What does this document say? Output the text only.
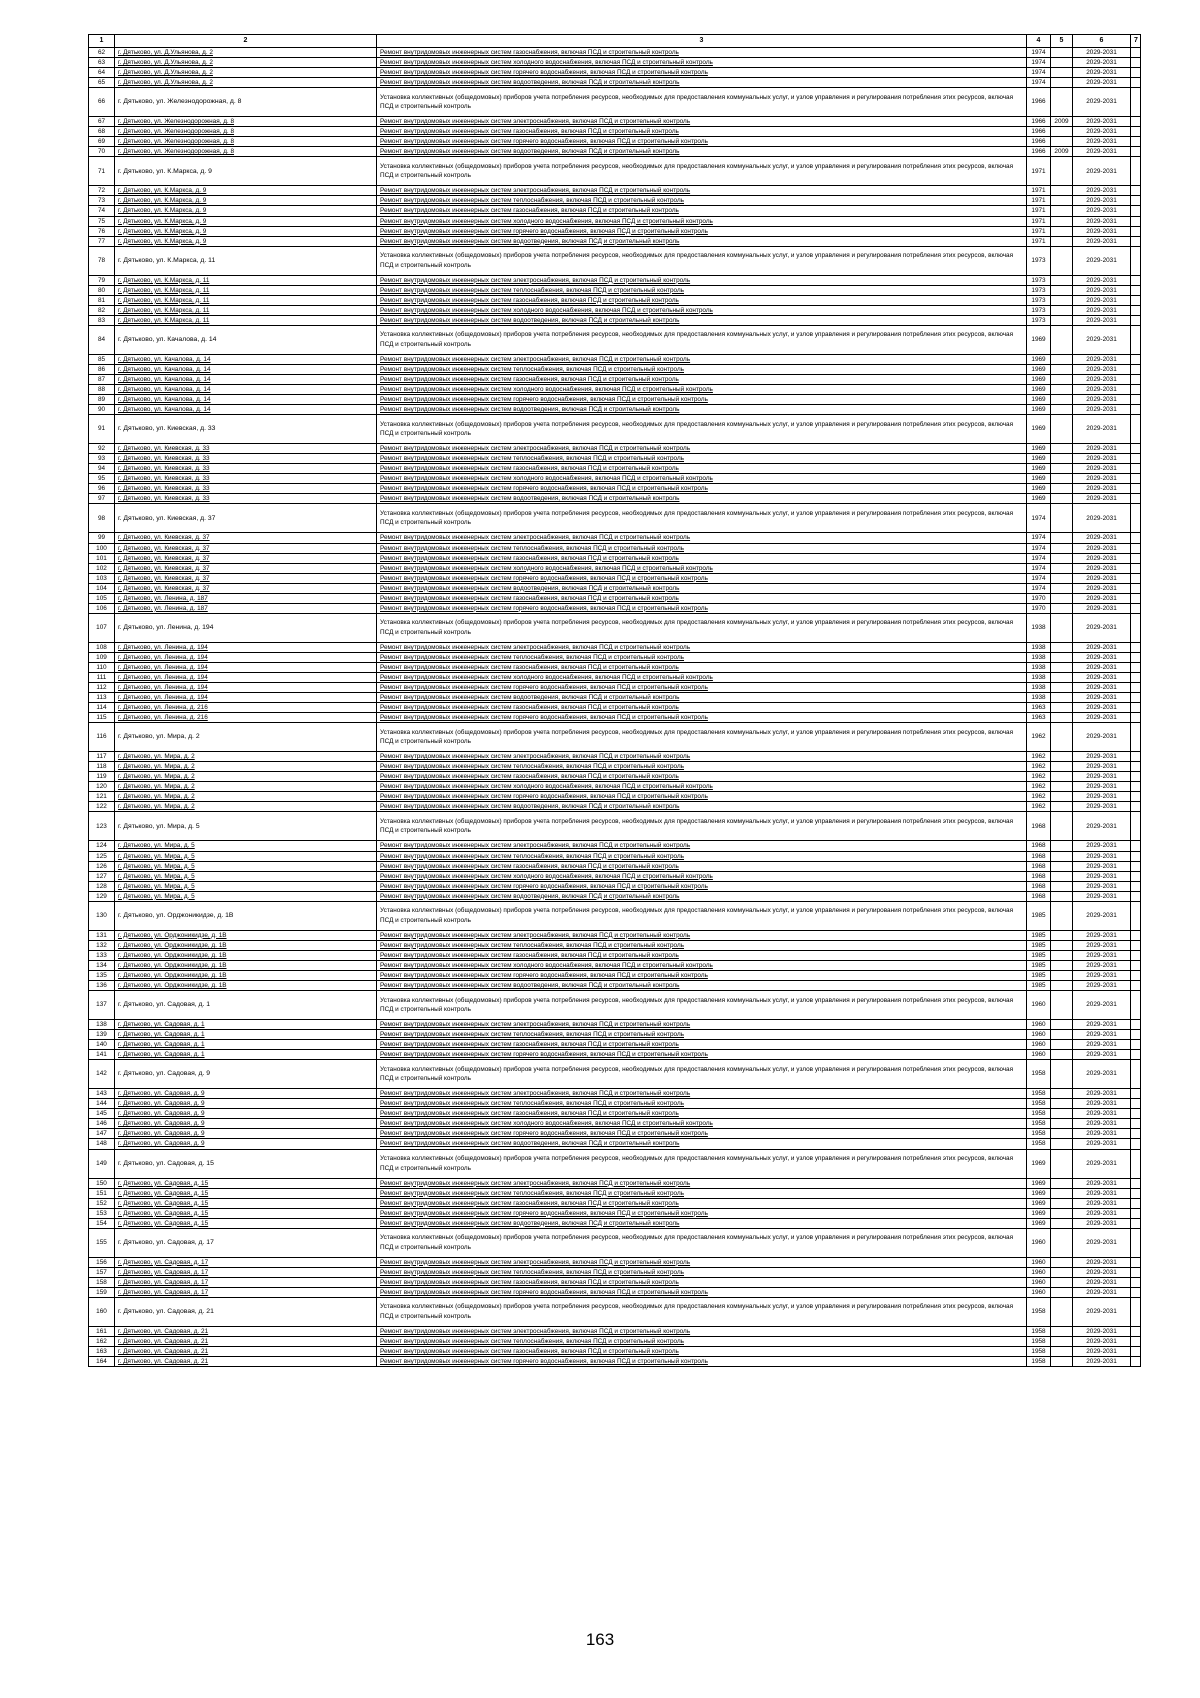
1	2	3	4	5	6	7
62	г. Дятьково, ул. Д.Ульянова, д. 2	Ремонт внутридомовых инженерных систем газоснабжения, включая ПСД и строительный контроль	1974		2029-2031	
63	г. Дятьково, ул. Д.Ульянова, д. 2	Ремонт внутридомовых инженерных систем холодного водоснабжения, включая ПСД и строительный контроль	1974		2029-2031	
64	г. Дятьково, ул. Д.Ульянова, д. 2	Ремонт внутридомовых инженерных систем горячего водоснабжения, включая ПСД и строительный контроль	1974		2029-2031	
65	г. Дятьково, ул. Д.Ульянова, д. 2	Ремонт внутридомовых инженерных систем водоотведения, включая ПСД и строительный контроль	1974		2029-2031	
66	г. Дятьково, ул. Железнодорожная, д. 8	Установка коллективных (общедомовых) приборов учета потребления ресурсов, необходимых для предоставления коммунальных услуг, и узлов управления и регулирования потребления этих ресурсов, включая ПСД и строительный контроль	1966		2029-2031	
67	г. Дятьково, ул. Железнодорожная, д. 8	Ремонт внутридомовых инженерных систем электроснабжения, включая ПСД и строительный контроль	1966	2009	2029-2031	
68	г. Дятьково, ул. Железнодорожная, д. 8	Ремонт внутридомовых инженерных систем газоснабжения, включая ПСД и строительный контроль	1966		2029-2031	
69	г. Дятьково, ул. Железнодорожная, д. 8	Ремонт внутридомовых инженерных систем горячего водоснабжения, включая ПСД и строительный контроль	1966		2029-2031	
70	г. Дятьково, ул. Железнодорожная, д. 8	Ремонт внутридомовых инженерных систем водоотведения, включая ПСД и строительный контроль	1966	2009	2029-2031	
71	г. Дятьково, ул. К.Маркса, д. 9	Установка коллективных (общедомовых) приборов учета потребления ресурсов, необходимых для предоставления коммунальных услуг, и узлов управления и регулирования потребления этих ресурсов, включая ПСД и строительный контроль	1971		2029-2031	
72	г. Дятьково, ул. К.Маркса, д. 9	Ремонт внутридомовых инженерных систем электроснабжения, включая ПСД и строительный контроль	1971		2029-2031	
73	г. Дятьково, ул. К.Маркса, д. 9	Ремонт внутридомовых инженерных систем теплоснабжения, включая ПСД и строительный контроль	1971		2029-2031	
74	г. Дятьково, ул. К.Маркса, д. 9	Ремонт внутридомовых инженерных систем газоснабжения, включая ПСД и строительный контроль	1971		2029-2031	
75	г. Дятьково, ул. К.Маркса, д. 9	Ремонт внутридомовых инженерных систем холодного водоснабжения, включая ПСД и строительный контроль	1971		2029-2031	
76	г. Дятьково, ул. К.Маркса, д. 9	Ремонт внутридомовых инженерных систем горячего водоснабжения, включая ПСД и строительный контроль	1971		2029-2031	
77	г. Дятьково, ул. К.Маркса, д. 9	Ремонт внутридомовых инженерных систем водоотведения, включая ПСД и строительный контроль	1971		2029-2031	
78	г. Дятьково, ул. К.Маркса, д. 11	Установка коллективных (общедомовых) приборов учета потребления ресурсов, необходимых для предоставления коммунальных услуг, и узлов управления и регулирования потребления этих ресурсов, включая ПСД и строительный контроль	1973		2029-2031	
79	г. Дятьково, ул. К.Маркса, д. 11	Ремонт внутридомовых инженерных систем электроснабжения, включая ПСД и строительный контроль	1973		2029-2031	
80	г. Дятьково, ул. К.Маркса, д. 11	Ремонт внутридомовых инженерных систем теплоснабжения, включая ПСД и строительный контроль	1973		2029-2031	
81	г. Дятьково, ул. К.Маркса, д. 11	Ремонт внутридомовых инженерных систем газоснабжения, включая ПСД и строительный контроль	1973		2029-2031	
82	г. Дятьково, ул. К.Маркса, д. 11	Ремонт внутридомовых инженерных систем холодного водоснабжения, включая ПСД и строительный контроль	1973		2029-2031	
83	г. Дятьково, ул. К.Маркса, д. 11	Ремонт внутридомовых инженерных систем водоотведения, включая ПСД и строительный контроль	1973		2029-2031	
84	г. Дятьково, ул. Качалова, д. 14	Установка коллективных (общедомовых) приборов учета потребления ресурсов, необходимых для предоставления коммунальных услуг, и узлов управления и регулирования потребления этих ресурсов, включая ПСД и строительный контроль	1969		2029-2031	
85	г. Дятьково, ул. Качалова, д. 14	Ремонт внутридомовых инженерных систем электроснабжения, включая ПСД и строительный контроль	1969		2029-2031	
86	г. Дятьково, ул. Качалова, д. 14	Ремонт внутридомовых инженерных систем теплоснабжения, включая ПСД и строительный контроль	1969		2029-2031	
87	г. Дятьково, ул. Качалова, д. 14	Ремонт внутридомовых инженерных систем газоснабжения, включая ПСД и строительный контроль	1969		2029-2031	
88	г. Дятьково, ул. Качалова, д. 14	Ремонт внутридомовых инженерных систем холодного водоснабжения, включая ПСД и строительный контроль	1969		2029-2031	
89	г. Дятьково, ул. Качалова, д. 14	Ремонт внутридомовых инженерных систем горячего водоснабжения, включая ПСД и строительный контроль	1969		2029-2031	
90	г. Дятьково, ул. Качалова, д. 14	Ремонт внутридомовых инженерных систем водоотведения, включая ПСД и строительный контроль	1969		2029-2031	
91	г. Дятьково, ул. Киевская, д. 33	Установка коллективных (общедомовых) приборов учета потребления ресурсов, необходимых для предоставления коммунальных услуг, и узлов управления и регулирования потребления этих ресурсов, включая ПСД и строительный контроль	1969		2029-2031	
92	г. Дятьково, ул. Киевская, д. 33	Ремонт внутридомовых инженерных систем электроснабжения, включая ПСД и строительный контроль	1969		2029-2031	
93	г. Дятьково, ул. Киевская, д. 33	Ремонт внутридомовых инженерных систем теплоснабжения, включая ПСД и строительный контроль	1969		2029-2031	
94	г. Дятьково, ул. Киевская, д. 33	Ремонт внутридомовых инженерных систем газоснабжения, включая ПСД и строительный контроль	1969		2029-2031	
95	г. Дятьково, ул. Киевская, д. 33	Ремонт внутридомовых инженерных систем холодного водоснабжения, включая ПСД и строительный контроль	1969		2029-2031	
96	г. Дятьково, ул. Киевская, д. 33	Ремонт внутридомовых инженерных систем горячего водоснабжения, включая ПСД и строительный контроль	1969		2029-2031	
97	г. Дятьково, ул. Киевская, д. 33	Ремонт внутридомовых инженерных систем водоотведения, включая ПСД и строительный контроль	1969		2029-2031	
98	г. Дятьково, ул. Киевская, д. 37	Установка коллективных (общедомовых) приборов учета потребления ресурсов, необходимых для предоставления коммунальных услуг, и узлов управления и регулирования потребления этих ресурсов, включая ПСД и строительный контроль	1974		2029-2031	
99	г. Дятьково, ул. Киевская, д. 37	Ремонт внутридомовых инженерных систем электроснабжения, включая ПСД и строительный контроль	1974		2029-2031	
100	г. Дятьково, ул. Киевская, д. 37	Ремонт внутридомовых инженерных систем теплоснабжения, включая ПСД и строительный контроль	1974		2029-2031	
101	г. Дятьково, ул. Киевская, д. 37	Ремонт внутридомовых инженерных систем газоснабжения, включая ПСД и строительный контроль	1974		2029-2031	
102	г. Дятьково, ул. Киевская, д. 37	Ремонт внутридомовых инженерных систем холодного водоснабжения, включая ПСД и строительный контроль	1974		2029-2031	
103	г. Дятьково, ул. Киевская, д. 37	Ремонт внутридомовых инженерных систем горячего водоснабжения, включая ПСД и строительный контроль	1974		2029-2031	
104	г. Дятьково, ул. Киевская, д. 37	Ремонт внутридомовых инженерных систем водоотведения, включая ПСД и строительный контроль	1974		2029-2031	
105	г. Дятьково, ул. Ленина, д. 187	Ремонт внутридомовых инженерных систем газоснабжения, включая ПСД и строительный контроль	1970		2029-2031	
106	г. Дятьково, ул. Ленина, д. 187	Ремонт внутридомовых инженерных систем горячего водоснабжения, включая ПСД и строительный контроль	1970		2029-2031	
107	г. Дятьково, ул. Ленина, д. 194	Установка коллективных (общедомовых) приборов учета потребления ресурсов, необходимых для предоставления коммунальных услуг, и узлов управления и регулирования потребления этих ресурсов, включая ПСД и строительный контроль	1938		2029-2031	
108	г. Дятьково, ул. Ленина, д. 194	Ремонт внутридомовых инженерных систем электроснабжения, включая ПСД и строительный контроль	1938		2029-2031	
109	г. Дятьково, ул. Ленина, д. 194	Ремонт внутридомовых инженерных систем теплоснабжения, включая ПСД и строительный контроль	1938		2029-2031	
110	г. Дятьково, ул. Ленина, д. 194	Ремонт внутридомовых инженерных систем газоснабжения, включая ПСД и строительный контроль	1938		2029-2031	
111	г. Дятьково, ул. Ленина, д. 194	Ремонт внутридомовых инженерных систем холодного водоснабжения, включая ПСД и строительный контроль	1938		2029-2031	
112	г. Дятьково, ул. Ленина, д. 194	Ремонт внутридомовых инженерных систем горячего водоснабжения, включая ПСД и строительный контроль	1938		2029-2031	
113	г. Дятьково, ул. Ленина, д. 194	Ремонт внутридомовых инженерных систем водоотведения, включая ПСД и строительный контроль	1938		2029-2031	
114	г. Дятьково, ул. Ленина, д. 216	Ремонт внутридомовых инженерных систем газоснабжения, включая ПСД и строительный контроль	1963		2029-2031	
115	г. Дятьково, ул. Ленина, д. 216	Ремонт внутридомовых инженерных систем горячего водоснабжения, включая ПСД и строительный контроль	1963		2029-2031	
116	г. Дятьково, ул. Мира, д. 2	Установка коллективных (общедомовых) приборов учета потребления ресурсов, необходимых для предоставления коммунальных услуг, и узлов управления и регулирования потребления этих ресурсов, включая ПСД и строительный контроль	1962		2029-2031	
117	г. Дятьково, ул. Мира, д. 2	Ремонт внутридомовых инженерных систем электроснабжения, включая ПСД и строительный контроль	1962		2029-2031	
118	г. Дятьково, ул. Мира, д. 2	Ремонт внутридомовых инженерных систем теплоснабжения, включая ПСД и строительный контроль	1962		2029-2031	
119	г. Дятьково, ул. Мира, д. 2	Ремонт внутридомовых инженерных систем газоснабжения, включая ПСД и строительный контроль	1962		2029-2031	
120	г. Дятьково, ул. Мира, д. 2	Ремонт внутридомовых инженерных систем холодного водоснабжения, включая ПСД и строительный контроль	1962		2029-2031	
121	г. Дятьково, ул. Мира, д. 2	Ремонт внутридомовых инженерных систем горячего водоснабжения, включая ПСД и строительный контроль	1962		2029-2031	
122	г. Дятьково, ул. Мира, д. 2	Ремонт внутридомовых инженерных систем водоотведения, включая ПСД и строительный контроль	1962		2029-2031	
123	г. Дятьково, ул. Мира, д. 5	Установка коллективных (общедомовых) приборов учета потребления ресурсов, необходимых для предоставления коммунальных услуг, и узлов управления и регулирования потребления этих ресурсов, включая ПСД и строительный контроль	1968		2029-2031	
124	г. Дятьково, ул. Мира, д. 5	Ремонт внутридомовых инженерных систем электроснабжения, включая ПСД и строительный контроль	1968		2029-2031	
125	г. Дятьково, ул. Мира, д. 5	Ремонт внутридомовых инженерных систем теплоснабжения, включая ПСД и строительный контроль	1968		2029-2031	
126	г. Дятьково, ул. Мира, д. 5	Ремонт внутридомовых инженерных систем газоснабжения, включая ПСД и строительный контроль	1968		2029-2031	
127	г. Дятьково, ул. Мира, д. 5	Ремонт внутридомовых инженерных систем холодного водоснабжения, включая ПСД и строительный контроль	1968		2029-2031	
128	г. Дятьково, ул. Мира, д. 5	Ремонт внутридомовых инженерных систем горячего водоснабжения, включая ПСД и строительный контроль	1968		2029-2031	
129	г. Дятьково, ул. Мира, д. 5	Ремонт внутридомовых инженерных систем водоотведения, включая ПСД и строительный контроль	1968		2029-2031	
130	г. Дятьково, ул. Орджоникидзе, д. 1В	Установка коллективных (общедомовых) приборов учета потребления ресурсов, необходимых для предоставления коммунальных услуг, и узлов управления и регулирования потребления этих ресурсов, включая ПСД и строительный контроль	1985		2029-2031	
131	г. Дятьково, ул. Орджоникидзе, д. 1В	Ремонт внутридомовых инженерных систем электроснабжения, включая ПСД и строительный контроль	1985		2029-2031	
132	г. Дятьково, ул. Орджоникидзе, д. 1В	Ремонт внутридомовых инженерных систем теплоснабжения, включая ПСД и строительный контроль	1985		2029-2031	
133	г. Дятьково, ул. Орджоникидзе, д. 1В	Ремонт внутридомовых инженерных систем газоснабжения, включая ПСД и строительный контроль	1985		2029-2031	
134	г. Дятьково, ул. Орджоникидзе, д. 1В	Ремонт внутридомовых инженерных систем холодного водоснабжения, включая ПСД и строительный контроль	1985		2029-2031	
135	г. Дятьково, ул. Орджоникидзе, д. 1В	Ремонт внутридомовых инженерных систем горячего водоснабжения, включая ПСД и строительный контроль	1985		2029-2031	
136	г. Дятьково, ул. Орджоникидзе, д. 1В	Ремонт внутридомовых инженерных систем водоотведения, включая ПСД и строительный контроль	1985		2029-2031	
137	г. Дятьково, ул. Садовая, д. 1	Установка коллективных (общедомовых) приборов учета потребления ресурсов, необходимых для предоставления коммунальных услуг, и узлов управления и регулирования потребления этих ресурсов, включая ПСД и строительный контроль	1960		2029-2031	
138	г. Дятьково, ул. Садовая, д. 1	Ремонт внутридомовых инженерных систем электроснабжения, включая ПСД и строительный контроль	1960		2029-2031	
139	г. Дятьково, ул. Садовая, д. 1	Ремонт внутридомовых инженерных систем теплоснабжения, включая ПСД и строительный контроль	1960		2029-2031	
140	г. Дятьково, ул. Садовая, д. 1	Ремонт внутридомовых инженерных систем газоснабжения, включая ПСД и строительный контроль	1960		2029-2031	
141	г. Дятьково, ул. Садовая, д. 1	Ремонт внутридомовых инженерных систем горячего водоснабжения, включая ПСД и строительный контроль	1960		2029-2031	
142	г. Дятьково, ул. Садовая, д. 9	Установка коллективных (общедомовых) приборов учета потребления ресурсов, необходимых для предоставления коммунальных услуг, и узлов управления и регулирования потребления этих ресурсов, включая ПСД и строительный контроль	1958		2029-2031	
143	г. Дятьково, ул. Садовая, д. 9	Ремонт внутридомовых инженерных систем электроснабжения, включая ПСД и строительный контроль	1958		2029-2031	
144	г. Дятьково, ул. Садовая, д. 9	Ремонт внутридомовых инженерных систем теплоснабжения, включая ПСД и строительный контроль	1958		2029-2031	
145	г. Дятьково, ул. Садовая, д. 9	Ремонт внутридомовых инженерных систем газоснабжения, включая ПСД и строительный контроль	1958		2029-2031	
146	г. Дятьково, ул. Садовая, д. 9	Ремонт внутридомовых инженерных систем холодного водоснабжения, включая ПСД и строительный контроль	1958		2029-2031	
147	г. Дятьково, ул. Садовая, д. 9	Ремонт внутридомовых инженерных систем горячего водоснабжения, включая ПСД и строительный контроль	1958		2029-2031	
148	г. Дятьково, ул. Садовая, д. 9	Ремонт внутридомовых инженерных систем водоотведения, включая ПСД и строительный контроль	1958		2029-2031	
149	г. Дятьково, ул. Садовая, д. 15	Установка коллективных (общедомовых) приборов учета потребления ресурсов, необходимых для предоставления коммунальных услуг, и узлов управления и регулирования потребления этих ресурсов, включая ПСД и строительный контроль	1969		2029-2031	
150	г. Дятьково, ул. Садовая, д. 15	Ремонт внутридомовых инженерных систем электроснабжения, включая ПСД и строительный контроль	1969		2029-2031	
151	г. Дятьково, ул. Садовая, д. 15	Ремонт внутридомовых инженерных систем теплоснабжения, включая ПСД и строительный контроль	1969		2029-2031	
152	г. Дятьково, ул. Садовая, д. 15	Ремонт внутридомовых инженерных систем газоснабжения, включая ПСД и строительный контроль	1969		2029-2031	
153	г. Дятьково, ул. Садовая, д. 15	Ремонт внутридомовых инженерных систем горячего водоснабжения, включая ПСД и строительный контроль	1969		2029-2031	
154	г. Дятьково, ул. Садовая, д. 15	Ремонт внутридомовых инженерных систем водоотведения, включая ПСД и строительный контроль	1969		2029-2031	
155	г. Дятьково, ул. Садовая, д. 17	Установка коллективных (общедомовых) приборов учета потребления ресурсов, необходимых для предоставления коммунальных услуг, и узлов управления и регулирования потребления этих ресурсов, включая ПСД и строительный контроль	1960		2029-2031	
156	г. Дятьково, ул. Садовая, д. 17	Ремонт внутридомовых инженерных систем электроснабжения, включая ПСД и строительный контроль	1960		2029-2031	
157	г. Дятьково, ул. Садовая, д. 17	Ремонт внутридомовых инженерных систем теплоснабжения, включая ПСД и строительный контроль	1960		2029-2031	
158	г. Дятьково, ул. Садовая, д. 17	Ремонт внутридомовых инженерных систем газоснабжения, включая ПСД и строительный контроль	1960		2029-2031	
159	г. Дятьково, ул. Садовая, д. 17	Ремонт внутридомовых инженерных систем горячего водоснабжения, включая ПСД и строительный контроль	1960		2029-2031	
160	г. Дятьково, ул. Садовая, д. 21	Установка коллективных (общедомовых) приборов учета потребления ресурсов, необходимых для предоставления коммунальных услуг, и узлов управления и регулирования потребления этих ресурсов, включая ПСД и строительный контроль	1958		2029-2031	
161	г. Дятьково, ул. Садовая, д. 21	Ремонт внутридомовых инженерных систем электроснабжения, включая ПСД и строительный контроль	1958		2029-2031	
162	г. Дятьково, ул. Садовая, д. 21	Ремонт внутридомовых инженерных систем теплоснабжения, включая ПСД и строительный контроль	1958		2029-2031	
163	г. Дятьково, ул. Садовая, д. 21	Ремонт внутридомовых инженерных систем газоснабжения, включая ПСД и строительный контроль	1958		2029-2031	
164	г. Дятьково, ул. Садовая, д. 21	Ремонт внутридомовых инженерных систем горячего водоснабжения, включая ПСД и строительный контроль	1958		2029-2031	
163
